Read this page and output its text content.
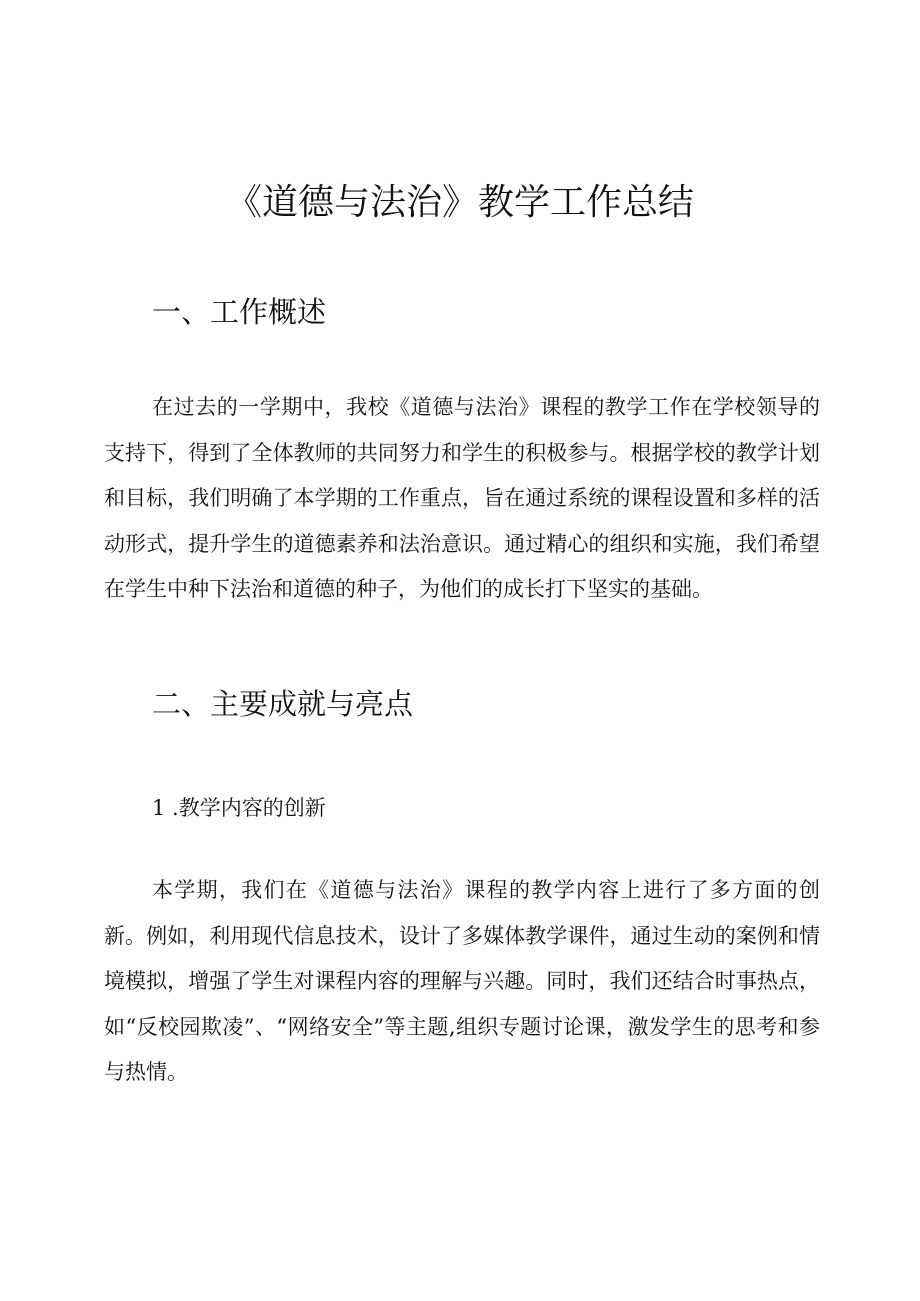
《道德与法治》教学工作总结
一、工作概述

在过去的一学期中，我校《道德与法治》课程的教学工作在学校领导的支持下，得到了全体教师的共同努力和学生的积极参与。根据学校的教学计划和目标，我们明确了本学期的工作重点，旨在通过系统的课程设置和多样的活动形式，提升学生的道德素养和法治意识。通过精心的组织和实施，我们希望在学生中种下法治和道德的种子，为他们的成长打下坚实的基础。

二、主要成就与亮点

1 .教学内容的创新

本学期，我们在《道德与法治》课程的教学内容上进行了多方面的创新。例如，利用现代信息技术，设计了多媒体教学课件，通过生动的案例和情境模拟，增强了学生对课程内容的理解与兴趣。同时，我们还结合时事热点，如“反校园欺凌”、“网络安全”等主题,组织专题讨论课，激发学生的思考和参与热情。
